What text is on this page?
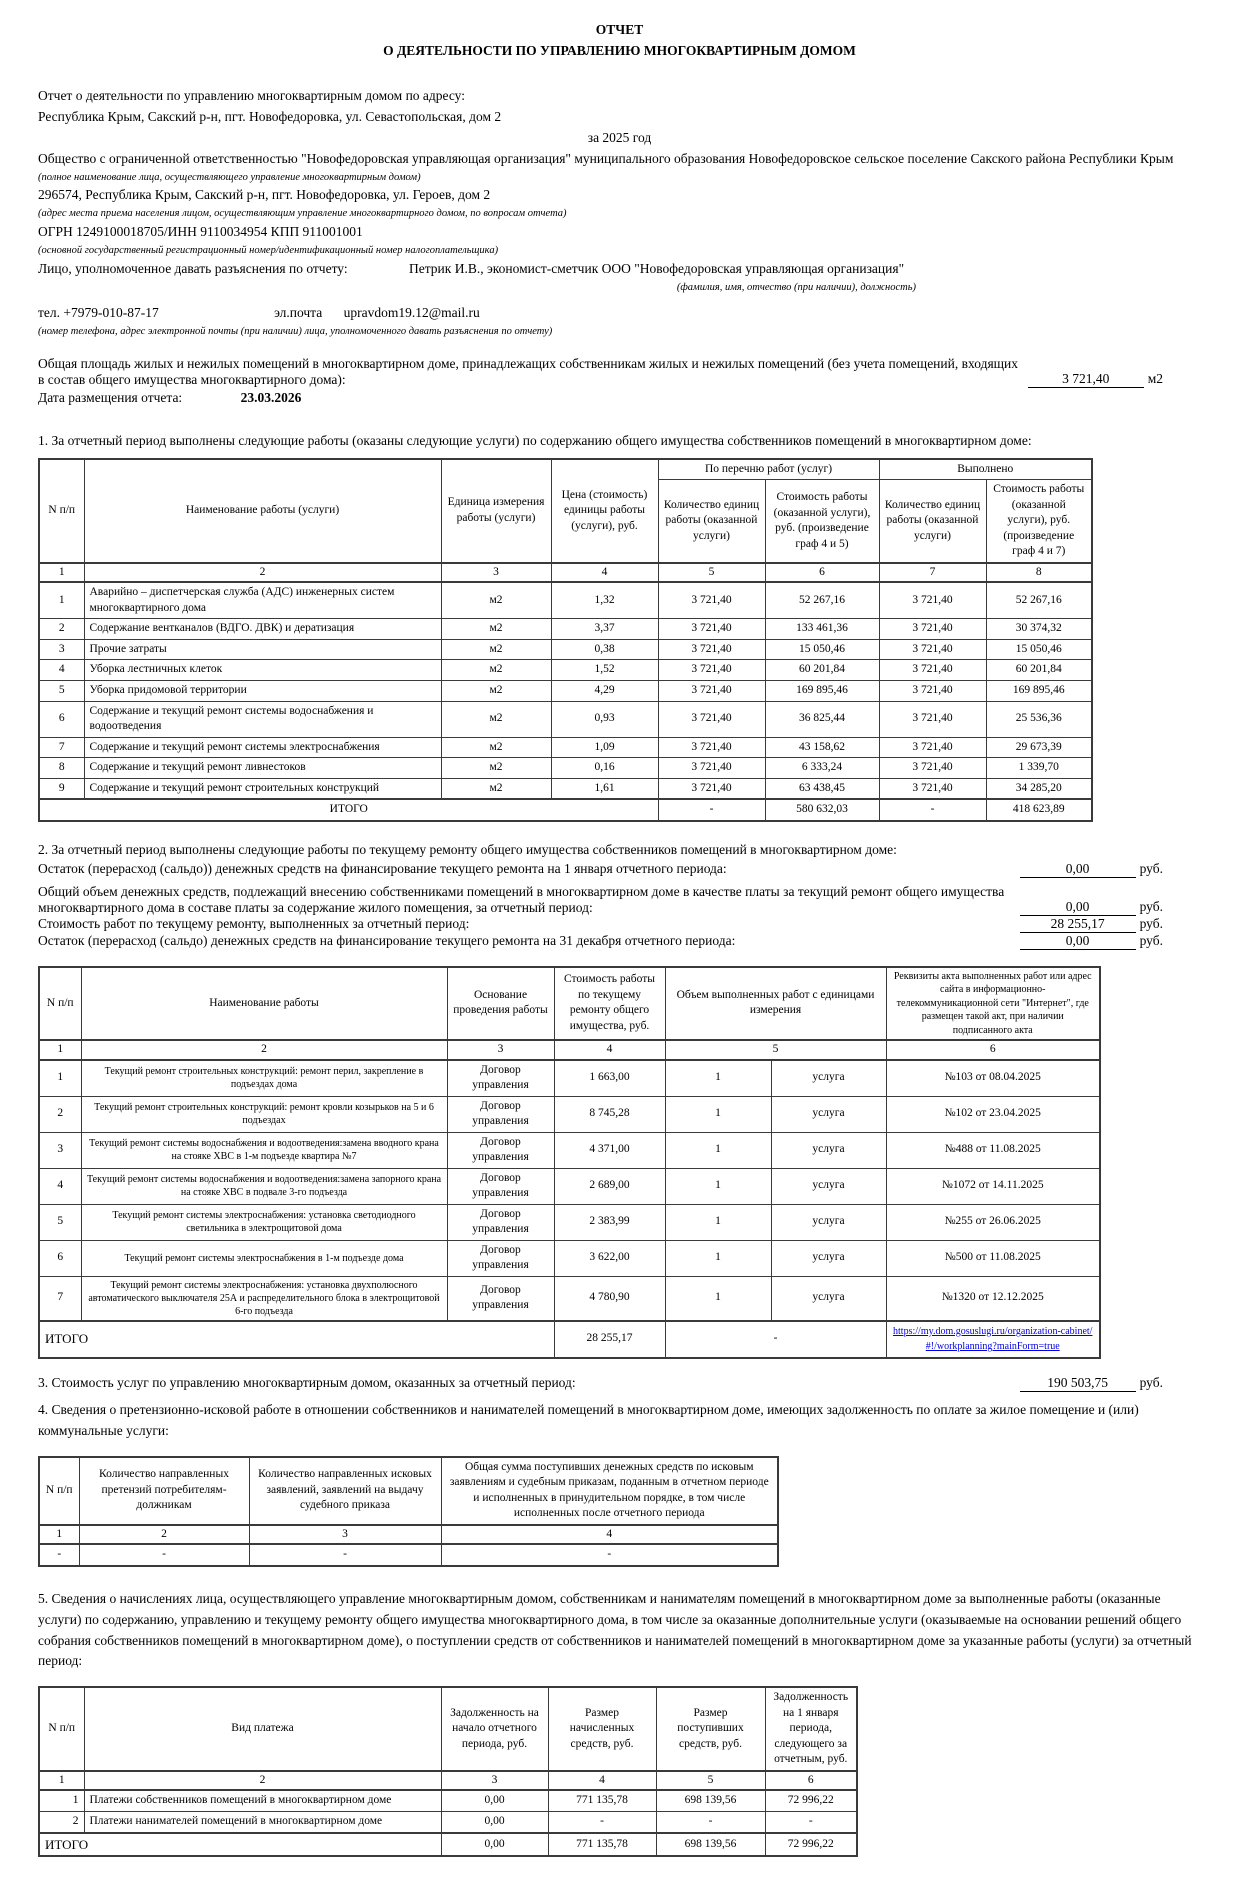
ОТЧЕТ

О ДЕЯТЕЛЬНОСТИ ПО УПРАВЛЕНИЮ МНОГОКВАРТИРНЫМ ДОМОМ

Отчет о деятельности по управлению многоквартирным домом по адресу:

Республика Крым, Сакский р-н, пгт. Новофедоровка, ул. Севастопольская, дом 2

за 2025 год

Общество с ограниченной ответственностью "Новофедоровская управляющая организация" муниципального образования Новофедоровское сельское поселение Сакского района Республики Крым

(полное наименование лица, осуществляющего управление многоквартирным домом)

296574, Республика Крым, Сакский р-н, пгт. Новофедоровка, ул. Героев, дом 2

(адрес места приема населения лицом, осуществляющим управление многоквартирного домом, по вопросам отчета)

ОГРН 1249100018705/ИНН 9110034954 КПП 911001001

(основной государственный регистрационный номер/идентификационный номер налогоплательщика)

Лицо, уполномоченное давать разъяснения по отчету:	Петрик И.В., экономист-сметчик ООО "Новофедоровская управляющая организация"

(фамилия, имя, отчество (при наличии), должность)

тел. +7979-010-87-17	эл.почта upravdom19.12@mail.ru

(номер телефона, адрес электронной почты (при наличии) лица, уполномоченного давать разъяснения по отчету)

Общая площадь жилых и нежилых помещений в многоквартирном доме, принадлежащих собственникам жилых и нежилых помещений (без учета помещений, входящих в состав общего имущества многоквартирного дома):	3 721,40	м2

Дата размещения отчета:	23.03.2026

1. За отчетный период выполнены следующие работы (оказаны следующие услуги) по содержанию общего имущества собственников помещений в многоквартирном доме:

N п/п	Наименование работы (услуги)	Единица измерения работы (услуги)	Цена (стоимость) единицы работы (услуги), руб.	По перечню работ (услуг)		Выполнено	
				Количество единиц работы (оказанной услуги)	Стоимость работы (оказанной услуги), руб. (произведение граф 4 и 5)	Количество единиц работы (оказанной услуги)	Стоимость работы (оказанной услуги), руб. (произведение граф 4 и 7)
1	2	3	4	5	6	7	8
1	Аварийно – диспетчерская служба (АДС) инженерных систем многоквартирного дома	м2	1,32	3 721,40	52 267,16	3 721,40	52 267,16
2	Содержание вентканалов (ВДГО. ДВК) и дератизация	м2	3,37	3 721,40	133 461,36	3 721,40	30 374,32
3	Прочие затраты	м2	0,38	3 721,40	15 050,46	3 721,40	15 050,46
4	Уборка лестничных клеток	м2	1,52	3 721,40	60 201,84	3 721,40	60 201,84
5	Уборка придомовой территории	м2	4,29	3 721,40	169 895,46	3 721,40	169 895,46
6	Содержание и текущий ремонт системы водоснабжения и водоотведения	м2	0,93	3 721,40	36 825,44	3 721,40	25 536,36
7	Содержание и текущий ремонт системы электроснабжения	м2	1,09	3 721,40	43 158,62	3 721,40	29 673,39
8	Содержание и текущий ремонт ливнестоков	м2	0,16	3 721,40	6 333,24	3 721,40	1 339,70
9	Содержание и текущий ремонт строительных конструкций	м2	1,61	3 721,40	63 438,45	3 721,40	34 285,20
ИТОГО				-	580 632,03	-	418 623,89

2. За отчетный период выполнены следующие работы по текущему ремонту общего имущества собственников помещений в многоквартирном доме:

Остаток (перерасход (сальдо)) денежных средств на финансирование текущего ремонта на 1 января отчетного периода:	0,00	руб.
Общий объем денежных средств, подлежащий внесению собственниками помещений в многоквартирном доме в качестве платы за текущий ремонт общего имущества многоквартирного дома в составе платы за содержание жилого помещения, за отчетный период:	0,00	руб.
Стоимость работ по текущему ремонту, выполненных за отчетный период:	28 255,17	руб.
Остаток (перерасход (сальдо) денежных средств на финансирование текущего ремонта на 31 декабря отчетного периода:	0,00	руб.
N п/п	Наименование работы	Основание проведения работы	Стоимость работы по текущему ремонту общего имущества, руб.	Объем выполненных работ с единицами измерения		Реквизиты акта выполненных работ или адрес сайта в информационно-телекоммуникационной сети "Интернет", где размещен такой акт, при наличии подписанного акта
1	2	3	4	5		6
1	Текущий ремонт строительных конструкций: ремонт перил, закрепление в подъездах дома	Договор управления	1 663,00	1	услуга	№103 от 08.04.2025
2	Текущий ремонт строительных конструкций: ремонт кровли козырьков на 5 и 6 подъездах	Договор управления	8 745,28	1	услуга	№102 от 23.04.2025
3	Текущий ремонт системы водоснабжения и водоотведения:замена вводного крана на стояке ХВС в 1-м подъезде квартира №7	Договор управления	4 371,00	1	услуга	№488 от 11.08.2025
4	Текущий ремонт системы водоснабжения и водоотведения:замена запорного крана на стояке ХВС в подвале 3-го подъезда	Договор управления	2 689,00	1	услуга	№1072 от 14.11.2025
5	Текущий ремонт системы электроснабжения: установка светодиодного светильника в электрощитовой дома	Договор управления	2 383,99	1	услуга	№255 от 26.06.2025
6	Текущий ремонт системы электроснабжения в 1-м подъезде дома	Договор управления	3 622,00	1	услуга	№500 от 11.08.2025
7	Текущий ремонт системы электроснабжения: установка двухполюсного автоматического выключателя 25А и распределительного блока в электрощитовой 6-го подъезда	Договор управления	4 780,90	1	услуга	№1320 от 12.12.2025
ИТОГО			28 255,17	-		https://my.dom.gosuslugi.ru/organization-cabinet/#!/workplanning?mainForm=true
3. Стоимость услуг по управлению многоквартирным домом, оказанных за отчетный период:	190 503,75 руб.

4. Сведения о претензионно-исковой работе в отношении собственников и нанимателей помещений в многоквартирном доме, имеющих задолженность по оплате за жилое помещение и (или) коммунальные услуги:

N п/п	Количество направленных претензий потребителям-должникам	Количество направленных исковых заявлений, заявлений на выдачу судебного приказа	Общая сумма поступивших денежных средств по исковым заявлениям и судебным приказам, поданным в отчетном периоде и исполненных в принудительном порядке, в том числе исполненных после отчетного периода
1	2	3	4
-	-	-	-

5. Сведения о начислениях лица, осуществляющего управление многоквартирным домом, собственникам и нанимателям помещений в многоквартирном доме за выполненные работы (оказанные услуги) по содержанию, управлению и текущему ремонту общего имущества многоквартирного дома, в том числе за оказанные дополнительные услуги (оказываемые на основании решений общего собрания собственников помещений в многоквартирном доме), о поступлении средств от собственников и нанимателей помещений в многоквартирном доме за указанные работы (услуги) за отчетный период:

N п/п	Вид платежа	Задолженность на начало отчетного периода, руб.	Размер начисленных средств, руб.	Размер поступивших средств, руб.	Задолженность на 1 января периода, следующего за отчетным, руб.
1	2	3	4	5	6
1	Платежи собственников помещений в многоквартирном доме	0,00	771 135,78	698 139,56	72 996,22
2	Платежи нанимателей помещений в многоквартирном доме	0,00	-	-	-
ИТОГО		0,00	771 135,78	698 139,56	72 996,22
